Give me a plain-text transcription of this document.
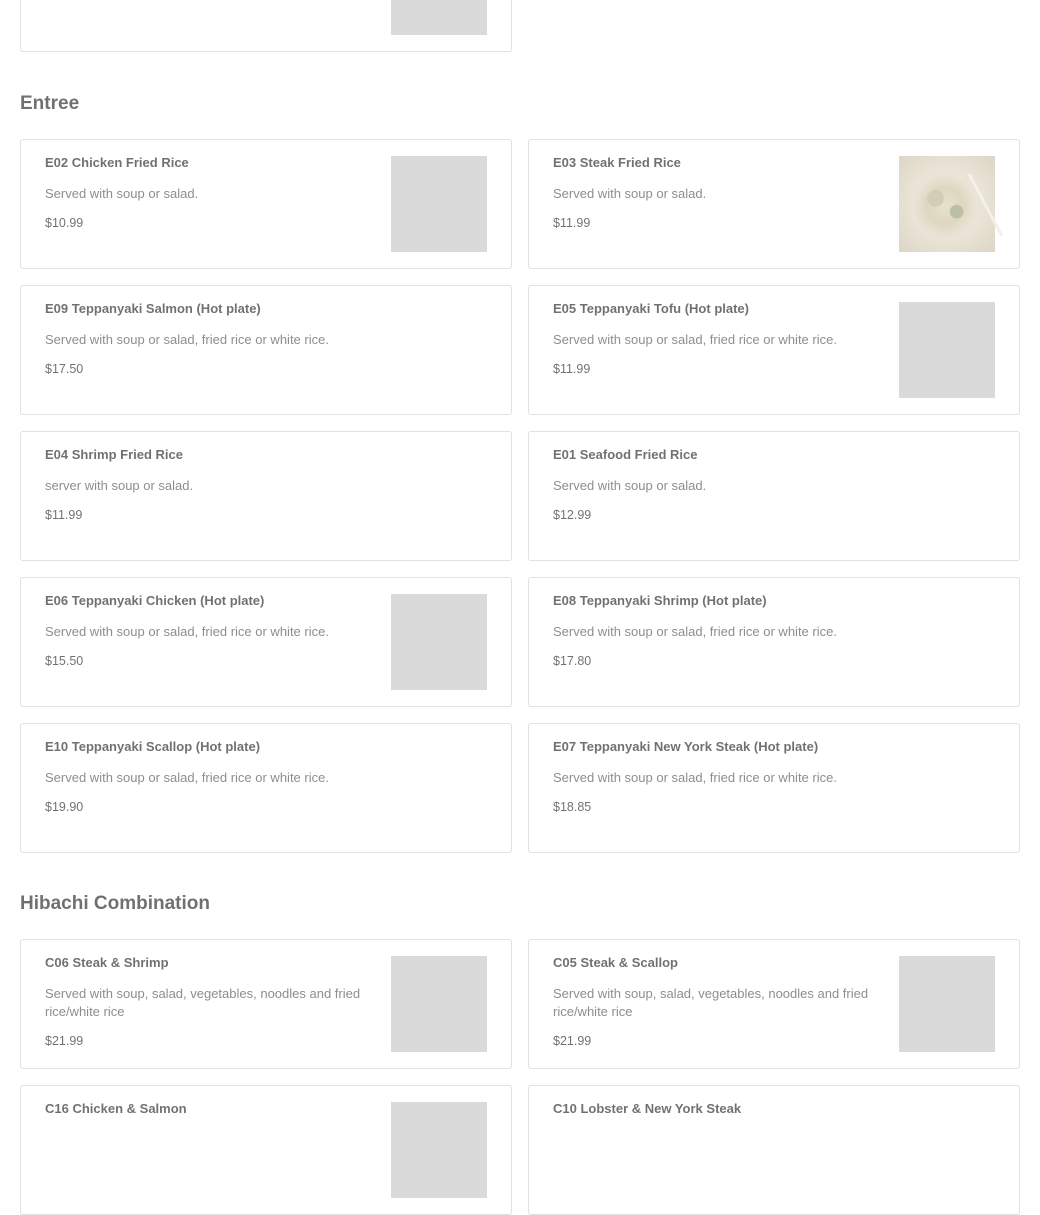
Entree
E02 Chicken Fried Rice
Served with soup or salad.
$10.99
E03 Steak Fried Rice
Served with soup or salad.
$11.99
E09 Teppanyaki Salmon (Hot plate)
Served with soup or salad, fried rice or white rice.
$17.50
E05 Teppanyaki Tofu (Hot plate)
Served with soup or salad, fried rice or white rice.
$11.99
E04 Shrimp Fried Rice
server with soup or salad.
$11.99
E01 Seafood Fried Rice
Served with soup or salad.
$12.99
E06 Teppanyaki Chicken (Hot plate)
Served with soup or salad, fried rice or white rice.
$15.50
E08 Teppanyaki Shrimp (Hot plate)
Served with soup or salad, fried rice or white rice.
$17.80
E10 Teppanyaki Scallop (Hot plate)
Served with soup or salad, fried rice or white rice.
$19.90
E07 Teppanyaki New York Steak (Hot plate)
Served with soup or salad, fried rice or white rice.
$18.85
Hibachi Combination
C06 Steak & Shrimp
Served with soup, salad, vegetables, noodles and fried rice/white rice
$21.99
C05 Steak & Scallop
Served with soup, salad, vegetables, noodles and fried rice/white rice
$21.99
C16 Chicken & Salmon	C10 Lobster & New York Steak
